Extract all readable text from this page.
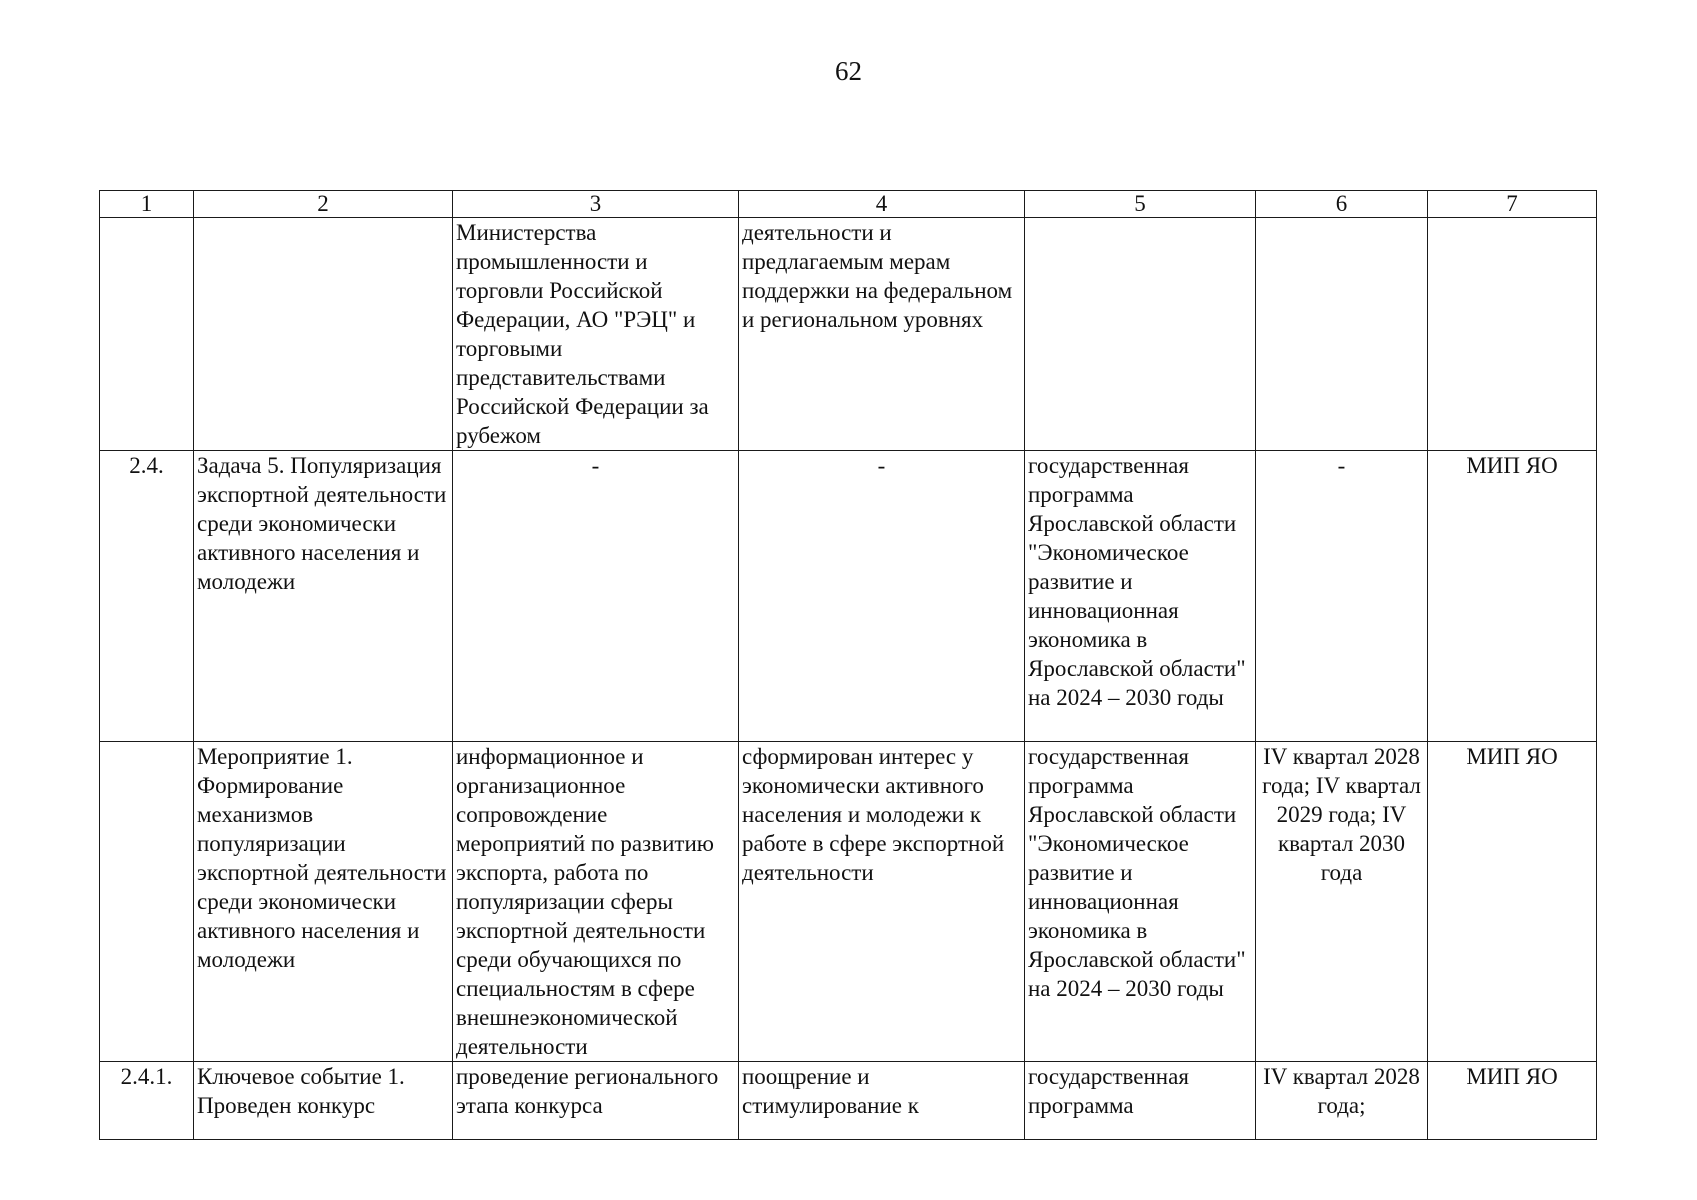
62
1	2	3	4	5	6	7
		Министерства промышленности и торговли Российской Федерации, АО "РЭЦ" и торговыми представительствами Российской Федерации за рубежом	деятельности и предлагаемым мерам поддержки на федеральном и региональном уровнях			
2.4.	Задача 5. Популяризация экспортной деятельности среди экономически активного населения и молодежи	-	-	государственная программа Ярославской области "Экономическое развитие и инновационная экономика в Ярославской области" на 2024 – 2030 годы	-	МИП ЯО
	Мероприятие 1. Формирование механизмов популяризации экспортной деятельности среди экономически активного населения и молодежи	информационное и организационное сопровождение мероприятий по развитию экспорта, работа по популяризации сферы экспортной деятельности среди обучающихся по специальностям в сфере внешнеэкономической деятельности	сформирован интерес у экономически активного населения и молодежи к работе в сфере экспортной деятельности	государственная программа Ярославской области "Экономическое развитие и инновационная экономика в Ярославской области" на 2024 – 2030 годы	IV квартал 2028 года; IV квартал 2029 года; IV квартал 2030 года	МИП ЯО
2.4.1.	Ключевое событие 1. Проведен конкурс	проведение регионального этапа конкурса	поощрение и стимулирование к	государственная программа	IV квартал 2028 года;	МИП ЯО
